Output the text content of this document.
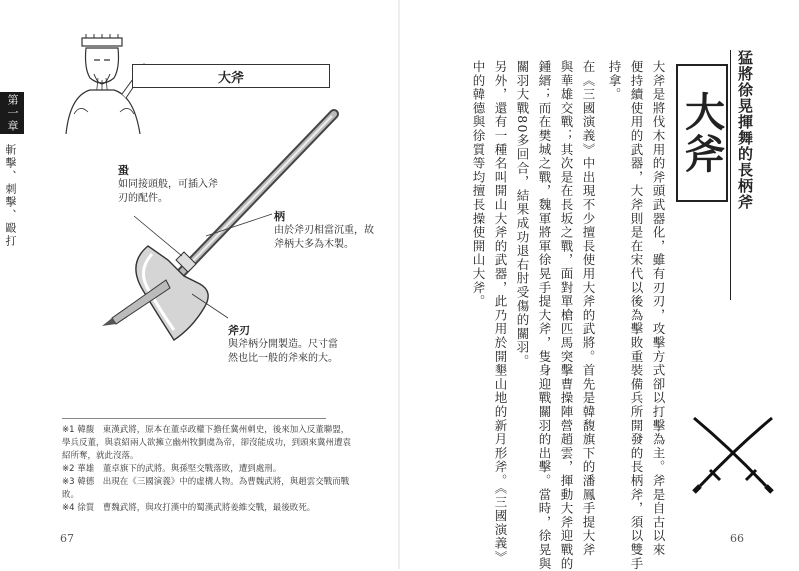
第一章
斬擊、刺擊、毆打
大斧
蛩
如同接頭般，可插入斧刃的配件。
柄
由於斧刃相當沉重，故斧柄大多為木製。
斧刃
與斧柄分開製造。尺寸當然也比一般的斧來的大。

※1 韓馥　東漢武將，原本在董卓政權下擔任冀州刺史，後來加入反董聯盟，學兵反董，與袁紹兩人欲擁立幽州牧劉虞為帝，卻沒能成功，到頭來冀州遭袁紹所奪，就此沒落。

※2 華雄　董卓旗下的武將。與孫堅交戰落敗，遭到處刑。

※3 韓德　出現在《三國演義》中的虛構人物。為曹魏武將，與趙雲交戰而戰敗。

※4 徐質　曹魏武將，與攻打漢中的蜀漢武將姜維交戰，最後敗死。

67
猛將徐晃揮舞的長柄斧
大斧
大斧是將伐木用的斧頭武器化，雖有刃刃，攻擊方式卻以打擊為主。斧是自古以來
便持續使用的武器，大斧則是在宋代以後為擊敗重裝備兵所開發的長柄斧，須以雙手
持拿。
在《三國演義》中出現不少擅長使用大斧的武將。首先是韓馥旗下的潘鳳手提大斧
與華雄交戰；其次是在長坂之戰，面對單槍匹馬突擊曹操陣營趙雲，揮動大斧迎戰的
鍾縉；而在樊城之戰，魏軍將軍徐晃手提大斧，隻身迎戰關羽的出擊。當時，徐晃與
關羽大戰80多回合，結果成功退右肘受傷的關羽。
另外，還有一種名叫開山大斧的武器，此乃用於開墾山地的新月形斧。《三國演義》
中的韓德與徐質等均擅長操使開山大斧。
66
